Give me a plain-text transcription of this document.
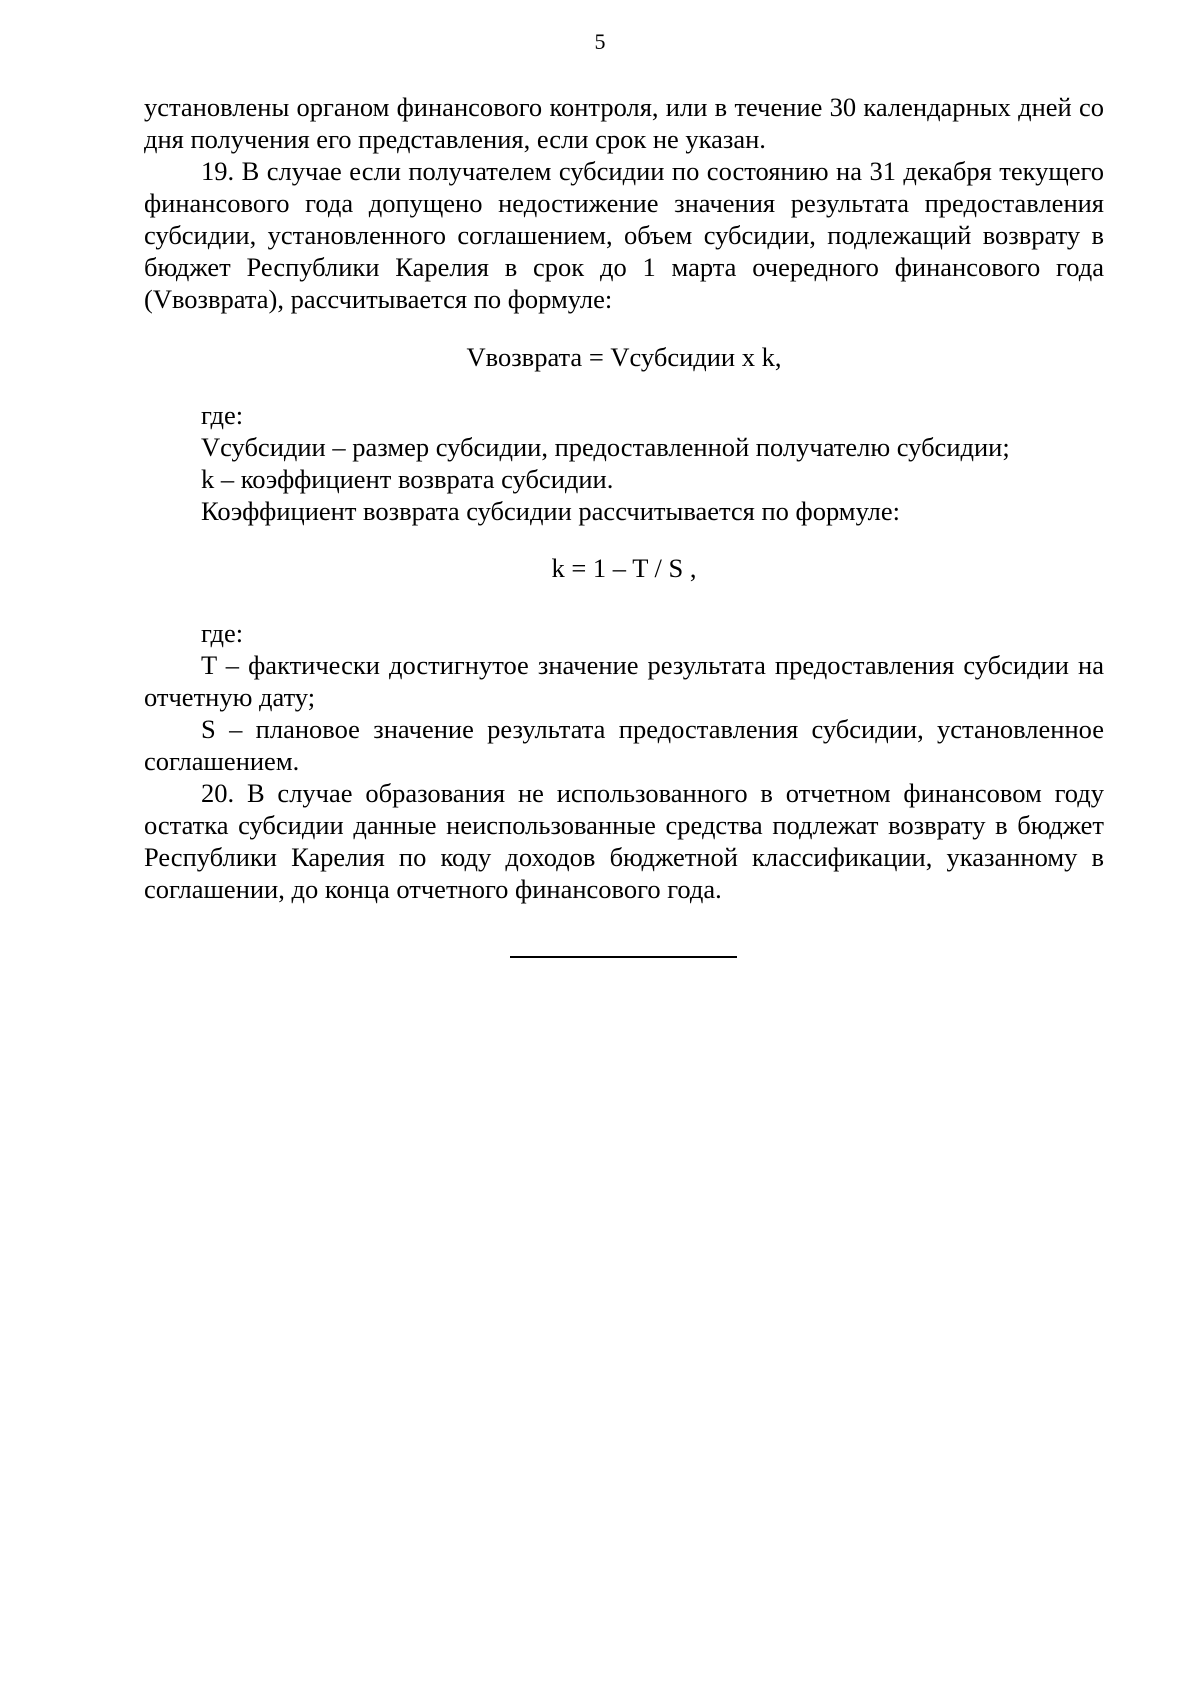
5

установлены органом финансового контроля, или в течение 30 календарных дней со дня получения его представления, если срок не указан.

19. В случае если получателем субсидии по состоянию на 31 декабря текущего финансового года допущено недостижение значения результата предоставления субсидии, установленного соглашением, объем субсидии, подлежащий возврату в бюджет Республики Карелия в срок до 1 марта очередного финансового года (Vвозврата), рассчитывается по формуле:

Vвозврата = Vсубсидии x k,

где:

Vсубсидии – размер субсидии, предоставленной получателю субсидии;

k – коэффициент возврата субсидии.

Коэффициент возврата субсидии рассчитывается по формуле:

k = 1 – T / S ,

где:

T – фактически достигнутое значение результата предоставления субсидии на отчетную дату;

S – плановое значение результата предоставления субсидии, установленное соглашением.

20. В случае образования не использованного в отчетном финансовом году остатка субсидии данные неиспользованные средства подлежат возврату в бюджет Республики Карелия по коду доходов бюджетной классификации, указанному в соглашении, до конца отчетного финансового года.
